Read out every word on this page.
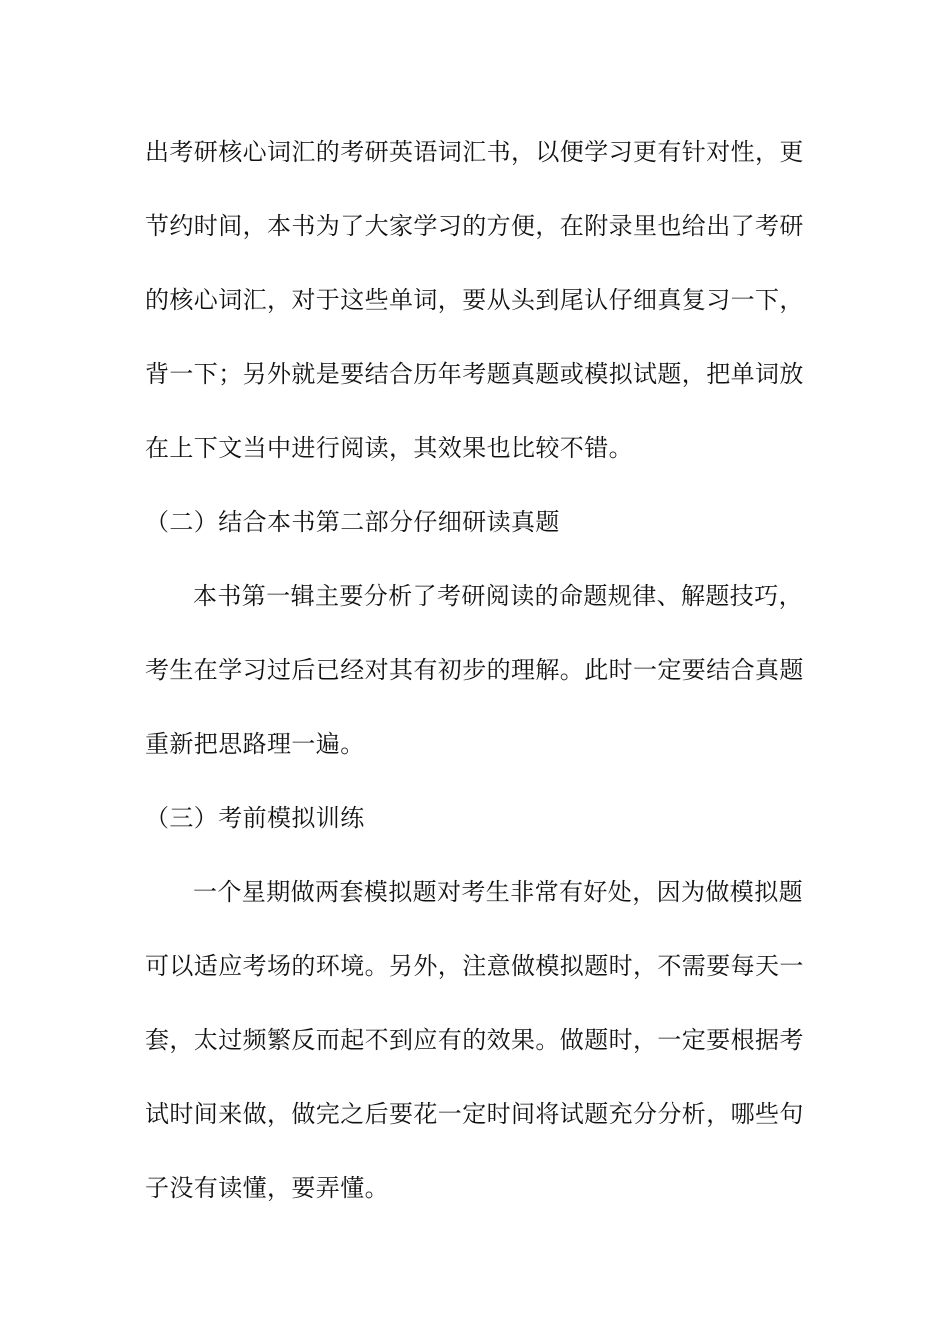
出考研核心词汇的考研英语词汇书，以便学习更有针对性，更
节约时间，本书为了大家学习的方便，在附录里也给出了考研
的核心词汇，对于这些单词，要从头到尾认仔细真复习一下，
背一下；另外就是要结合历年考题真题或模拟试题，把单词放
在上下文当中进行阅读，其效果也比较不错。
（二）结合本书第二部分仔细研读真题
本书第一辑主要分析了考研阅读的命题规律、解题技巧，
考生在学习过后已经对其有初步的理解。此时一定要结合真题
重新把思路理一遍。
（三）考前模拟训练
一个星期做两套模拟题对考生非常有好处，因为做模拟题
可以适应考场的环境。另外，注意做模拟题时，不需要每天一
套，太过频繁反而起不到应有的效果。做题时，一定要根据考
试时间来做，做完之后要花一定时间将试题充分分析，哪些句
子没有读懂，要弄懂。
